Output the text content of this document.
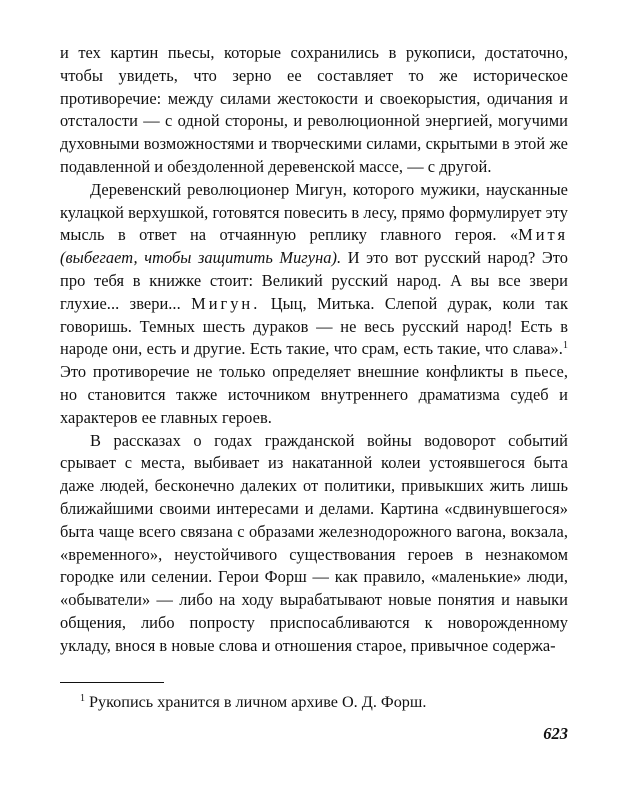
и тех картин пьесы, которые сохранились в рукописи, достаточно, чтобы увидеть, что зерно ее составляет то же историческое противоречие: между силами жестокости и своекорыстия, одичания и отсталости — с одной стороны, и революционной энергией, могучими духовными возможностями и творческими силами, скрытыми в этой же подавленной и обездоленной деревенской массе, — с другой.

Деревенский революционер Мигун, которого мужики, наусканные кулацкой верхушкой, готовятся повесить в лесу, прямо формулирует эту мысль в ответ на отчаянную реплику главного героя. «Митя (выбегает, чтобы защитить Мигуна). И это вот русский народ? Это про тебя в книжке стоит: Великий русский народ. А вы все звери глухие... звери... Мигун. Цыц, Митька. Слепой дурак, коли так говоришь. Темных шесть дураков — не весь русский народ! Есть в народе они, есть и другие. Есть такие, что срам, есть такие, что слава».$^1$ Это противоречие не только определяет внешние конфликты в пьесе, но становится также источником внутреннего драматизма судеб и характеров ее главных героев.

В рассказах о годах гражданской войны водоворот событий срывает с места, выбивает из накатанной колеи устоявшегося быта даже людей, бесконечно далеких от политики, привыкших жить лишь ближайшими своими интересами и делами. Картина «сдвинувшегося» быта чаще всего связана с образами железнодорожного вагона, вокзала, «временного», неустойчивого существования героев в незнакомом городке или селении. Герои Форш — как правило, «маленькие» люди, «обыватели» — либо на ходу вырабатывают новые понятия и навыки общения, либо попросту приспосабливаются к новорожденному укладу, внося в новые слова и отношения старое, привычное содержа-

$^1$ Рукопись хранится в личном архиве О. Д. Форш.
623
